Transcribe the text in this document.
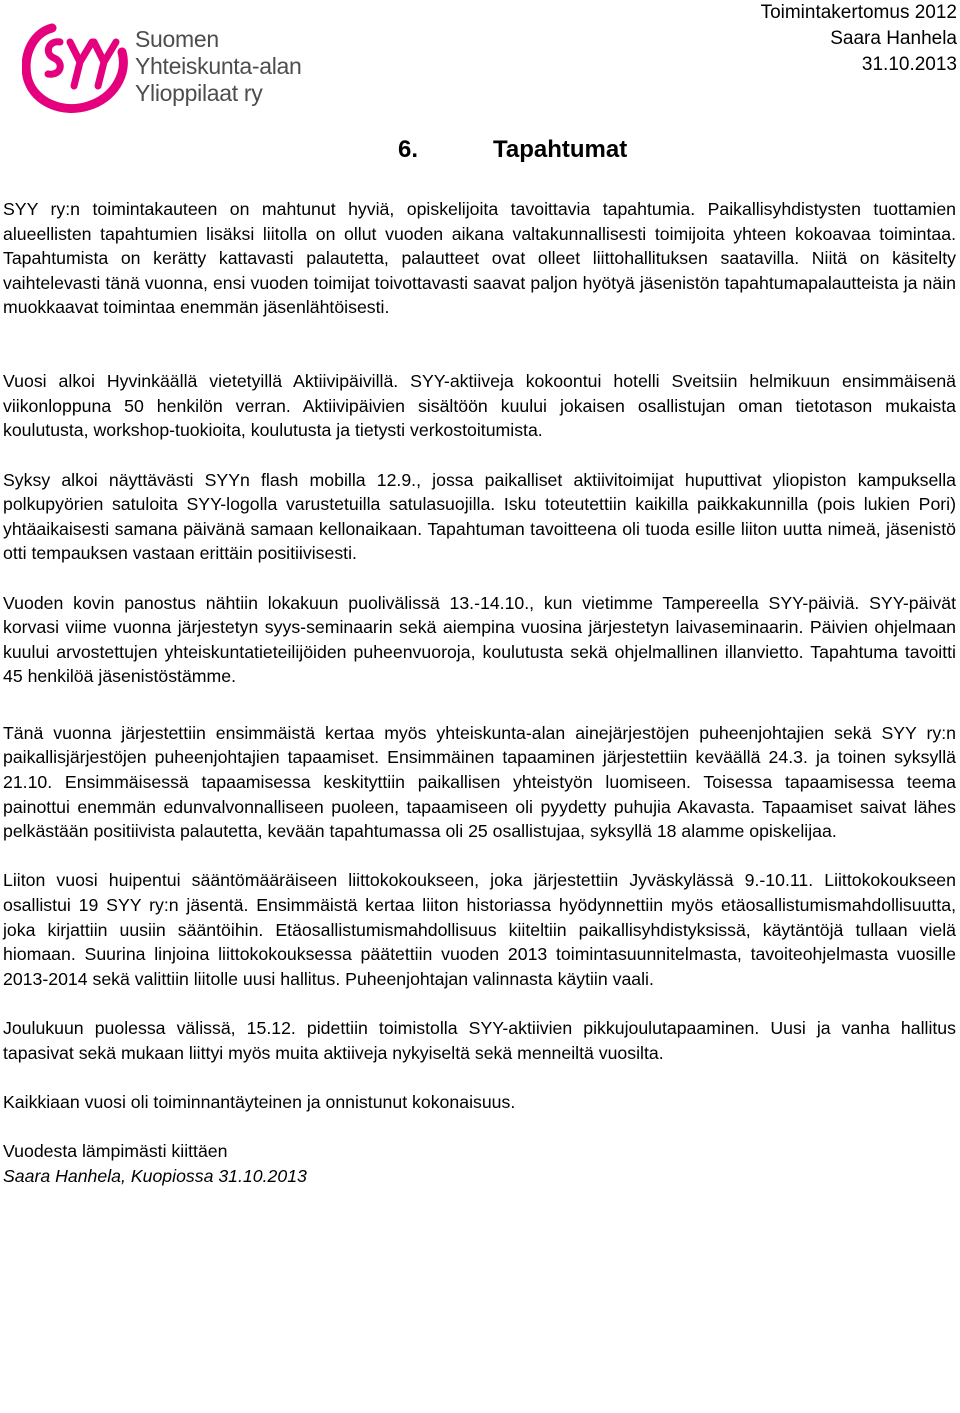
Suomen
Yhteiskunta-alan
Ylioppilaat ry
Toimintakertomus 2012
Saara Hanhela
31.10.2013
6.	Tapahtumat

SYY ry:n toimintakauteen on mahtunut hyviä, opiskelijoita tavoittavia tapahtumia. Paikallisyhdistysten tuottamien alueellisten tapahtumien lisäksi liitolla on ollut vuoden aikana valtakunnallisesti toimijoita yhteen kokoavaa toimintaa. Tapahtumista on kerätty kattavasti palautetta, palautteet ovat olleet liittohallituksen saatavilla. Niitä on käsitelty vaihtelevasti tänä vuonna, ensi vuoden toimijat toivottavasti saavat paljon hyötyä jäsenistön tapahtumapalautteista ja näin muokkaavat toimintaa enemmän jäsenlähtöisesti.

Vuosi alkoi Hyvinkäällä vietetyillä Aktiivipäivillä. SYY-aktiiveja kokoontui hotelli Sveitsiin helmikuun ensimmäisenä viikonloppuna 50 henkilön verran. Aktiivipäivien sisältöön kuului jokaisen osallistujan oman tietotason mukaista koulutusta, workshop-tuokioita, koulutusta ja tietysti verkostoitumista.

Syksy alkoi näyttävästi SYYn flash mobilla 12.9., jossa paikalliset aktiivitoimijat huputtivat yliopiston kampuksella polkupyörien satuloita SYY-logolla varustetuilla satulasuojilla. Isku toteutettiin kaikilla paikkakunnilla (pois lukien Pori) yhtäaikaisesti samana päivänä samaan kellonaikaan. Tapahtuman tavoitteena oli tuoda esille liiton uutta nimeä, jäsenistö otti tempauksen vastaan erittäin positiivisesti.

Vuoden kovin panostus nähtiin lokakuun puolivälissä 13.-14.10., kun vietimme Tampereella SYY-päiviä. SYY-päivät korvasi viime vuonna järjestetyn syys-seminaarin sekä aiempina vuosina järjestetyn laivaseminaarin. Päivien ohjelmaan kuului arvostettujen yhteiskuntatieteilijöiden puheenvuoroja, koulutusta sekä ohjelmallinen illanvietto. Tapahtuma tavoitti 45 henkilöä jäsenistöstämme.

Tänä vuonna järjestettiin ensimmäistä kertaa myös yhteiskunta-alan ainejärjestöjen puheenjohtajien sekä SYY ry:n paikallisjärjestöjen puheenjohtajien tapaamiset. Ensimmäinen tapaaminen järjestettiin keväällä 24.3. ja toinen syksyllä 21.10. Ensimmäisessä tapaamisessa keskityttiin paikallisen yhteistyön luomiseen. Toisessa tapaamisessa teema painottui enemmän edunvalvonnalliseen puoleen, tapaamiseen oli pyydetty puhujia Akavasta. Tapaamiset saivat lähes pelkästään positiivista palautetta, kevään tapahtumassa oli 25 osallistujaa, syksyllä 18 alamme opiskelijaa.

Liiton vuosi huipentui sääntömääräiseen liittokokoukseen, joka järjestettiin Jyväskylässä 9.-10.11. Liittokokoukseen osallistui 19 SYY ry:n jäsentä. Ensimmäistä kertaa liiton historiassa hyödynnettiin myös etäosallistumismahdollisuutta, joka kirjattiin uusiin sääntöihin. Etäosallistumismahdollisuus kiiteltiin paikallisyhdistyksissä, käytäntöjä tullaan vielä hiomaan. Suurina linjoina liittokokouksessa päätettiin vuoden 2013 toimintasuunnitelmasta, tavoiteohjelmasta vuosille 2013-2014 sekä valittiin liitolle uusi hallitus. Puheenjohtajan valinnasta käytiin vaali.

Joulukuun puolessa välissä, 15.12. pidettiin toimistolla SYY-aktiivien pikkujoulutapaaminen. Uusi ja vanha hallitus tapasivat sekä mukaan liittyi myös muita aktiiveja nykyiseltä sekä menneiltä vuosilta.

Kaikkiaan vuosi oli toiminnantäyteinen ja onnistunut kokonaisuus.

Vuodesta lämpimästi kiittäen
Saara Hanhela, Kuopiossa 31.10.2013
